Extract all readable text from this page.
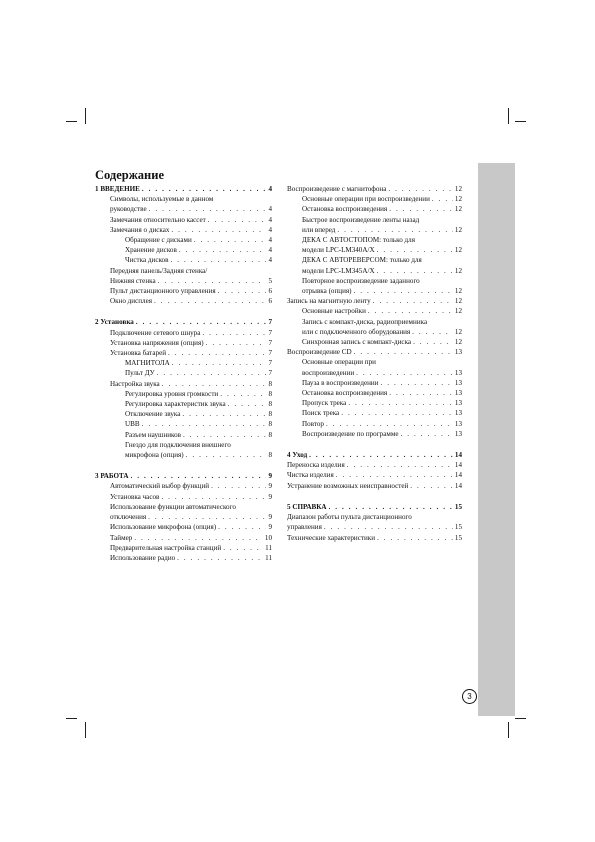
Содержание
1 ВВЕДЕНИЕ . . .	4
Символы, используемые в данном
руководстве . . .	4
Замечания относительно кассет . . .	4
Замечания о дисках . . .	4
Обращение с дисками . . .	4
Хранение дисков . . .	4
Чистка дисков . . .	4
Передняя панель/Задняя стенка/
Нижняя стенка . . .	5
Пульт дистанционного управления . . .	6
Окно дисплея . . .	6
2 Установка . . .	7
Подключение сетевого шнура . . .	7
Установка напряжения (опция) . . .	7
Установка батарей . . .	7
МАГНИТОЛА . . .	7
Пульт ДУ . . .	7
Настройка звука . . .	8
Регулировка уровня громкости . . .	8
Регулировка характеристик звука . . .	8
Отключение звука . . .	8
UBB . . .	8
Разъем наушников . . .	8
Гнездо для подключения внешнего
микрофона (опция) . . .	8
3 РАБОТА . . .	9
Автоматический выбор функций . . .	9
Установка часов . . .	9
Использование функции автоматического
отключения . . .	9
Использование микрофона (опция) . . .	9
Таймер . . .	10
Предварительная настройка станций . . .	11
Использование радио . . .	11
Воспроизведение с магнитофона . . .	12
Основные операции при воспроизведении . . .	12
Остановка воспроизведения . . .	12
Быстрое воспроизведение ленты назад
или вперед . . .	12
ДЕКА С АВТОСТОПОМ: только для
модели LPC-LM340A/X . . .	12
ДЕКА С АВТОРЕВЕРСОМ: только для
модели LPC-LM345A/X . . .	12
Повторное воспроизведение заданного
отрывка (опция) . . .	12
Запись на магнитную ленту . . .	12
Основные настройки . . .	12
Запись с компакт-диска, радиоприемника
или с подключенного оборудования . . .	12
Синхронная запись с компакт-диска . . .	12
Воспроизведение CD . . .	13
Основные операции при
воспроизведении . . .	13
Пауза в воспроизведении . . .	13
Остановка воспроизведения . . .	13
Пропуск трека . . .	13
Поиск трека . . .	13
Повтор . . .	13
Воспроизведение по программе . . .	13
4 Уход . . .	14
Переноска изделия . . .	14
Чистка изделия . . .	14
Устранение возможных неисправностей . . .	14
5 СПРАВКА . . .	15
Диапазон работы пульта дистанционного
управления . . .	15
Технические характеристики . . .	15
3
